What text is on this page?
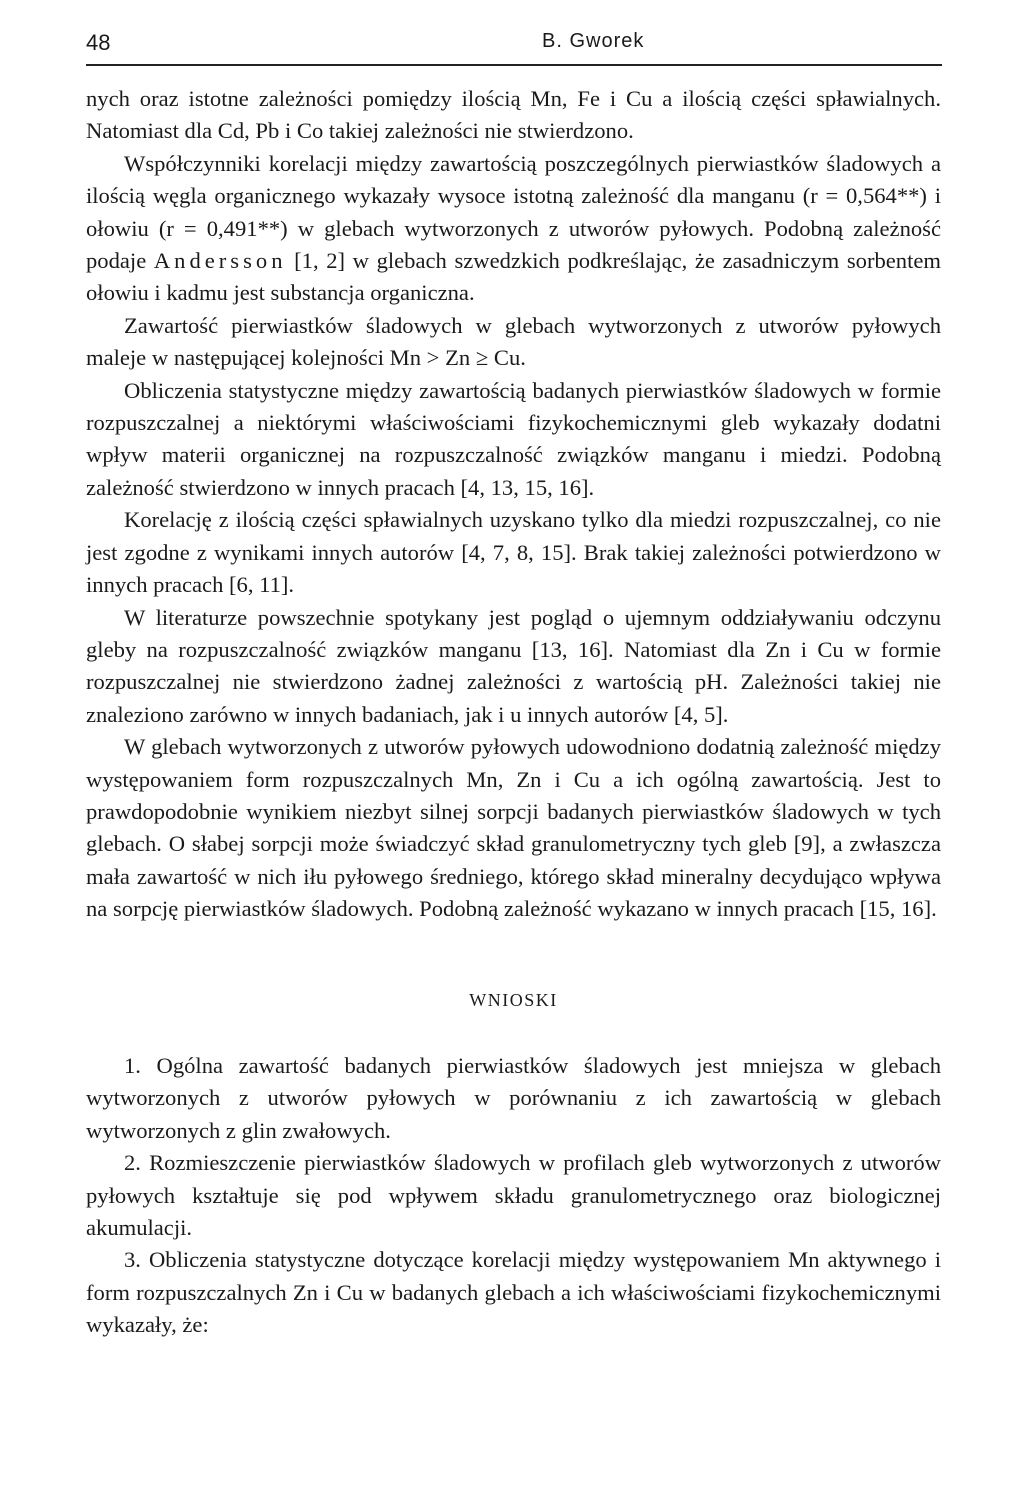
48	B. Gworek

nych oraz istotne zależności pomiędzy ilością Mn, Fe i Cu a ilością części spławialnych. Natomiast dla Cd, Pb i Co takiej zależności nie stwierdzono.

Współczynniki korelacji między zawartością poszczególnych pierwiastków śladowych a ilością węgla organicznego wykazały wysoce istotną zależność dla manganu (r = 0,564**) i ołowiu (r = 0,491**) w glebach wytworzonych z utworów pyłowych. Podobną zależność podaje Andersson [1, 2] w glebach szwedzkich podkreślając, że zasadniczym sorbentem ołowiu i kadmu jest substancja organiczna.

Zawartość pierwiastków śladowych w glebach wytworzonych z utworów pyłowych maleje w następującej kolejności Mn > Zn ≥ Cu.

Obliczenia statystyczne między zawartością badanych pierwiastków śladowych w formie rozpuszczalnej a niektórymi właściwościami fizykochemicznymi gleb wykazały dodatni wpływ materii organicznej na rozpuszczalność związków manganu i miedzi. Podobną zależność stwierdzono w innych pracach [4, 13, 15, 16].

Korelację z ilością części spławialnych uzyskano tylko dla miedzi rozpuszczalnej, co nie jest zgodne z wynikami innych autorów [4, 7, 8, 15]. Brak takiej zależności potwierdzono w innych pracach [6, 11].

W literaturze powszechnie spotykany jest pogląd o ujemnym oddziaływaniu odczynu gleby na rozpuszczalność związków manganu [13, 16]. Natomiast dla Zn i Cu w formie rozpuszczalnej nie stwierdzono żadnej zależności z wartością pH. Zależności takiej nie znaleziono zarówno w innych badaniach, jak i u innych autorów [4, 5].

W glebach wytworzonych z utworów pyłowych udowodniono dodatnią zależność między występowaniem form rozpuszczalnych Mn, Zn i Cu a ich ogólną zawartością. Jest to prawdopodobnie wynikiem niezbyt silnej sorpcji badanych pierwiastków śladowych w tych glebach. O słabej sorpcji może świadczyć skład granulometryczny tych gleb [9], a zwłaszcza mała zawartość w nich iłu pyłowego średniego, którego skład mineralny decydująco wpływa na sorpcję pierwiastków śladowych. Podobną zależność wykazano w innych pracach [15, 16].

WNIOSKI

1. Ogólna zawartość badanych pierwiastków śladowych jest mniejsza w glebach wytworzonych z utworów pyłowych w porównaniu z ich zawartością w glebach wytworzonych z glin zwałowych.

2. Rozmieszczenie pierwiastków śladowych w profilach gleb wytworzonych z utworów pyłowych kształtuje się pod wpływem składu granulometrycznego oraz biologicznej akumulacji.

3. Obliczenia statystyczne dotyczące korelacji między występowaniem Mn aktywnego i form rozpuszczalnych Zn i Cu w badanych glebach a ich właściwościami fizykochemicznymi wykazały, że:
